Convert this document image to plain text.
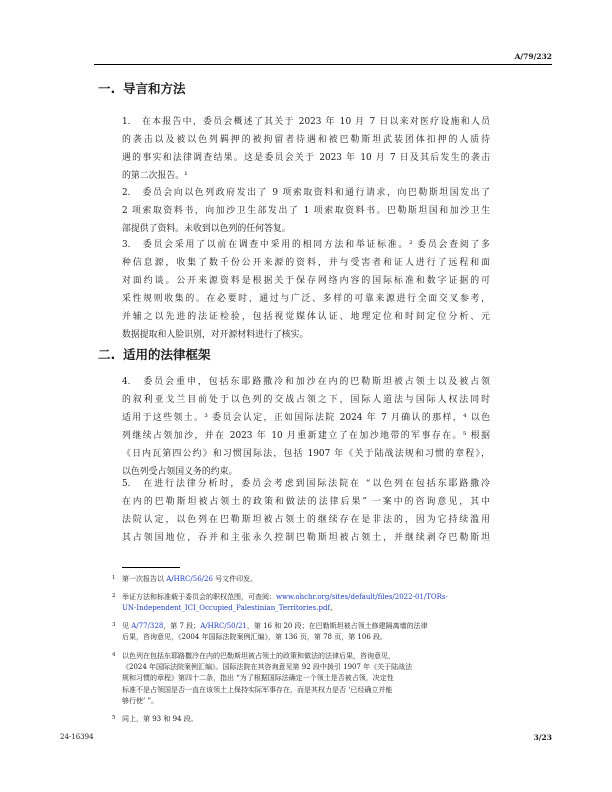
A/79/232
一. 导言和方法
1.　在本报告中，委员会概述了其关于 2023 年 10 月 7 日以来对医疗设施和人员
的袭击以及被以色列羁押的被拘留者待遇和被巴勒斯坦武装团体扣押的人质待
遇的事实和法律调查结果。这是委员会关于 2023 年 10 月 7 日及其后发生的袭击
的第二次报告。¹
2.　委员会向以色列政府发出了 9 项索取资料和通行请求，向巴勒斯坦国发出了
2 项索取资料书，向加沙卫生部发出了 1 项索取资料书。巴勒斯坦国和加沙卫生
部提供了资料。未收到以色列的任何答复。
3.　委员会采用了以前在调查中采用的相同方法和举证标准。² 委员会查阅了多
种信息源，收集了数千份公开来源的资料，并与受害者和证人进行了远程和面
对面约谈。公开来源资料是根据关于保存网络内容的国际标准和数字证据的可
采性规则收集的。在必要时，通过与广泛、多样的可靠来源进行全面交叉参考，
并辅之以先进的法证检验，包括视觉媒体认证、地理定位和时间定位分析、元
数据提取和人脸识别，对开源材料进行了核实。
二. 适用的法律框架
4.　委员会重申，包括东耶路撒冷和加沙在内的巴勒斯坦被占领土以及被占领
的叙利亚戈兰目前处于以色列的交战占领之下，国际人道法与国际人权法同时
适用于这些领土。³ 委员会认定，正如国际法院 2024 年 7 月确认的那样，⁴ 以色
列继续占领加沙，并在 2023 年 10 月重新建立了在加沙地带的军事存在。⁵ 根据
《日内瓦第四公约》和习惯国际法，包括 1907 年《关于陆战法规和习惯的章程》，
以色列受占领国义务的约束。
5.　在进行法律分析时，委员会考虑到国际法院在 “以色列在包括东耶路撒冷
在内的巴勒斯坦被占领土的政策和做法的法律后果” 一案中的咨询意见，其中
法院认定，以色列在巴勒斯坦被占领土的继续存在是非法的，因为它持续滥用
其占领国地位，吞并和主张永久控制巴勒斯坦被占领土，并继续剥夺巴勒斯坦
1 第一次报告以 A/HRC/56/26 号文件印发。
2 举证方法和标准载于委员会的职权范围，可查阅：www.ohchr.org/sites/default/files/2022-01/TORs-
UN-Independent_ICI_Occupied_Palestinian_Territories.pdf。
3 见 A/77/328，第 7 段；A/HRC/50/21，第 16 和 20 段；在巴勒斯坦被占领土修建隔离墙的法律
后果，咨询意见，《2004 年国际法院案例汇编》，第 136 页，第 78 页，第 106 段。
4 以色列在包括东耶路撒冷在内的巴勒斯坦被占领土的政策和做法的法律后果，咨询意见，
《2024 年国际法院案例汇编》。国际法院在其咨询意见第 92 段中援引 1907 年《关于陆战法
规和习惯的章程》第四十二条，指出 “为了根据国际法确定一个领土是否被占领，决定性
标准不是占领国是否一直在该领土上保持实际军事存在，而是其权力是否 ‘已经确立并能
够行使’ ”。
5 同上，第 93 和 94 段。
24-16394	3/23
